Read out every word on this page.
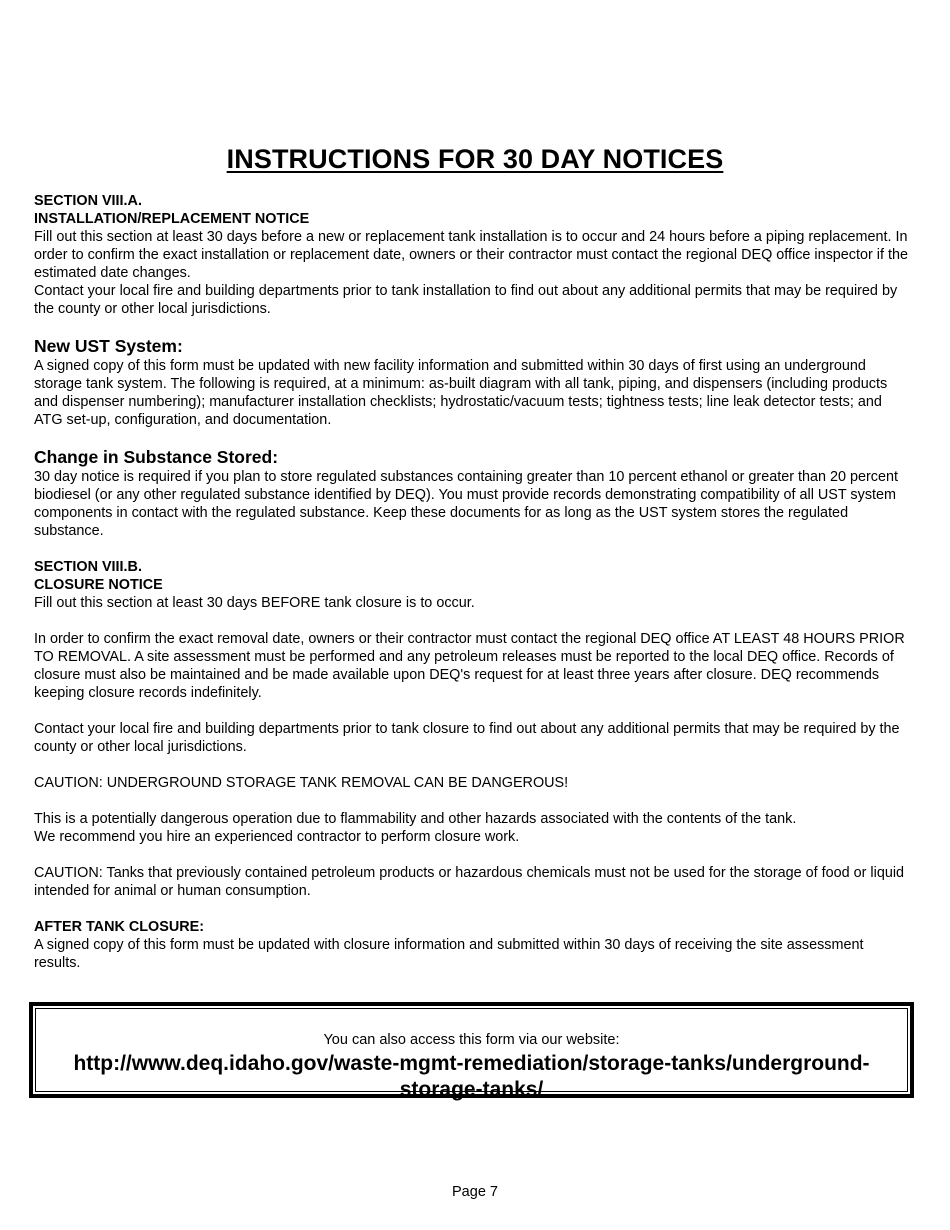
INSTRUCTIONS FOR 30 DAY NOTICES

SECTION VIII.A.

INSTALLATION/REPLACEMENT NOTICE

Fill out this section at least 30 days before a new or replacement tank installation is to occur and 24 hours before a piping replacement. In order to confirm the exact installation or replacement date, owners or their contractor must contact the regional DEQ office inspector if the estimated date changes.

Contact your local fire and building departments prior to tank installation to find out about any additional permits that may be required by the county or other local jurisdictions.

New UST System:

A signed copy of this form must be updated with new facility information and submitted within 30 days of first using an underground storage tank system. The following is required, at a minimum: as-built diagram with all tank, piping, and dispensers (including products and dispenser numbering); manufacturer installation checklists; hydrostatic/vacuum tests; tightness tests; line leak detector tests; and ATG set-up, configuration, and documentation.

Change in Substance Stored:

30 day notice is required if you plan to store regulated substances containing greater than 10 percent ethanol or greater than 20 percent biodiesel (or any other regulated substance identified by DEQ). You must provide records demonstrating compatibility of all UST system components in contact with the regulated substance. Keep these documents for as long as the UST system stores the regulated substance.

SECTION VIII.B.

CLOSURE NOTICE

Fill out this section at least 30 days BEFORE tank closure is to occur.

In order to confirm the exact removal date, owners or their contractor must contact the regional DEQ office AT LEAST 48 HOURS PRIOR TO REMOVAL. A site assessment must be performed and any petroleum releases must be reported to the local DEQ office. Records of closure must also be maintained and be made available upon DEQ's request for at least three years after closure. DEQ recommends keeping closure records indefinitely.

Contact your local fire and building departments prior to tank closure to find out about any additional permits that may be required by the county or other local jurisdictions.

CAUTION: UNDERGROUND STORAGE TANK REMOVAL CAN BE DANGEROUS!

This is a potentially dangerous operation due to flammability and other hazards associated with the contents of the tank.

We recommend you hire an experienced contractor to perform closure work.

CAUTION: Tanks that previously contained petroleum products or hazardous chemicals must not be used for the storage of food or liquid intended for animal or human consumption.

AFTER TANK CLOSURE:

A signed copy of this form must be updated with closure information and submitted within 30 days of receiving the site assessment results.

You can also access this form via our website:
http://www.deq.idaho.gov/waste-mgmt-remediation/storage-tanks/underground-storage-tanks/
Page 7
